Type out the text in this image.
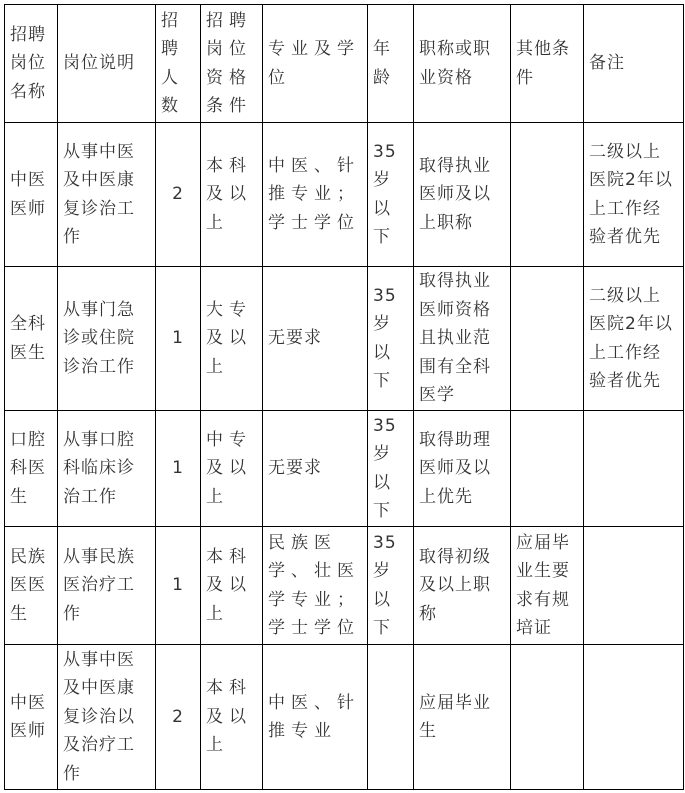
招聘岗位名称	岗位说明	招聘人数	招聘岗位资格条件	专业及学位	年龄	职称或职业资格	其他条件	备注
中医医师	从事中医及中医康复诊治工作	2	本科及以上	中医、针推专业；学士学位	35岁以下	取得执业医师及以上职称		二级以上医院2年以上工作经验者优先
全科医生	从事门急诊或住院诊治工作	1	大专及以上	无要求	35岁以下	取得执业医师资格且执业范围有全科医学		二级以上医院2年以上工作经验者优先
口腔科医生	从事口腔科临床诊治工作	1	中专及以上	无要求	35岁以下	取得助理医师及以上优先		
民族医医生	从事民族医治疗工作	1	本科及以上	民族医学、壮医学专业；学士学位	35岁以下	取得初级及以上职称	应届毕业生要求有规培证	
中医医师	从事中医及中医康复诊治以及治疗工作	2	本科及以上	中医、针推专业		应届毕业生		
